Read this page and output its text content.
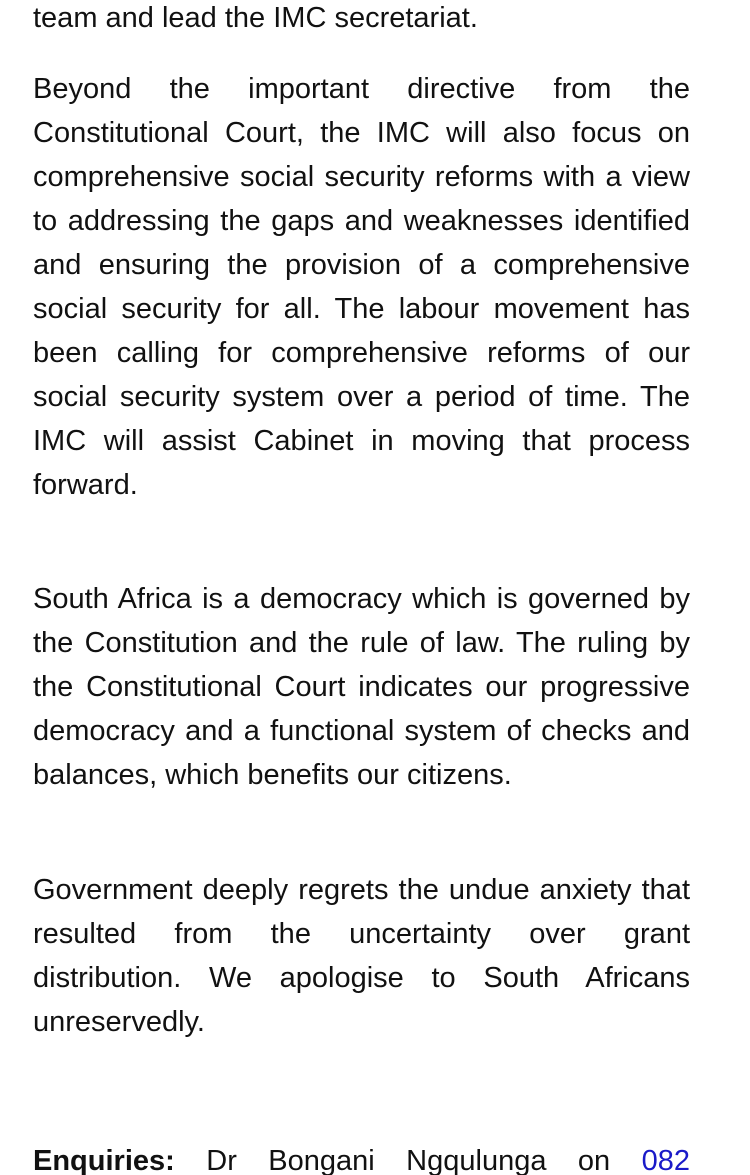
team and lead the IMC secretariat.

Beyond the important directive from the Constitutional Court, the IMC will also focus on comprehensive social security reforms with a view to addressing the gaps and weaknesses identified and ensuring the provision of a comprehensive social security for all. The labour movement has been calling for comprehensive reforms of our social security system over a period of time. The IMC will assist Cabinet in moving that process forward.

South Africa is a democracy which is governed by the Constitution and the rule of law. The ruling by the Constitutional Court indicates our progressive democracy and a functional system of checks and balances, which benefits our citizens.

Government deeply regrets the undue anxiety that resulted from the uncertainty over grant distribution. We apologise to South Africans unreservedly.

Enquiries: Dr Bongani Ngqulunga on 082
